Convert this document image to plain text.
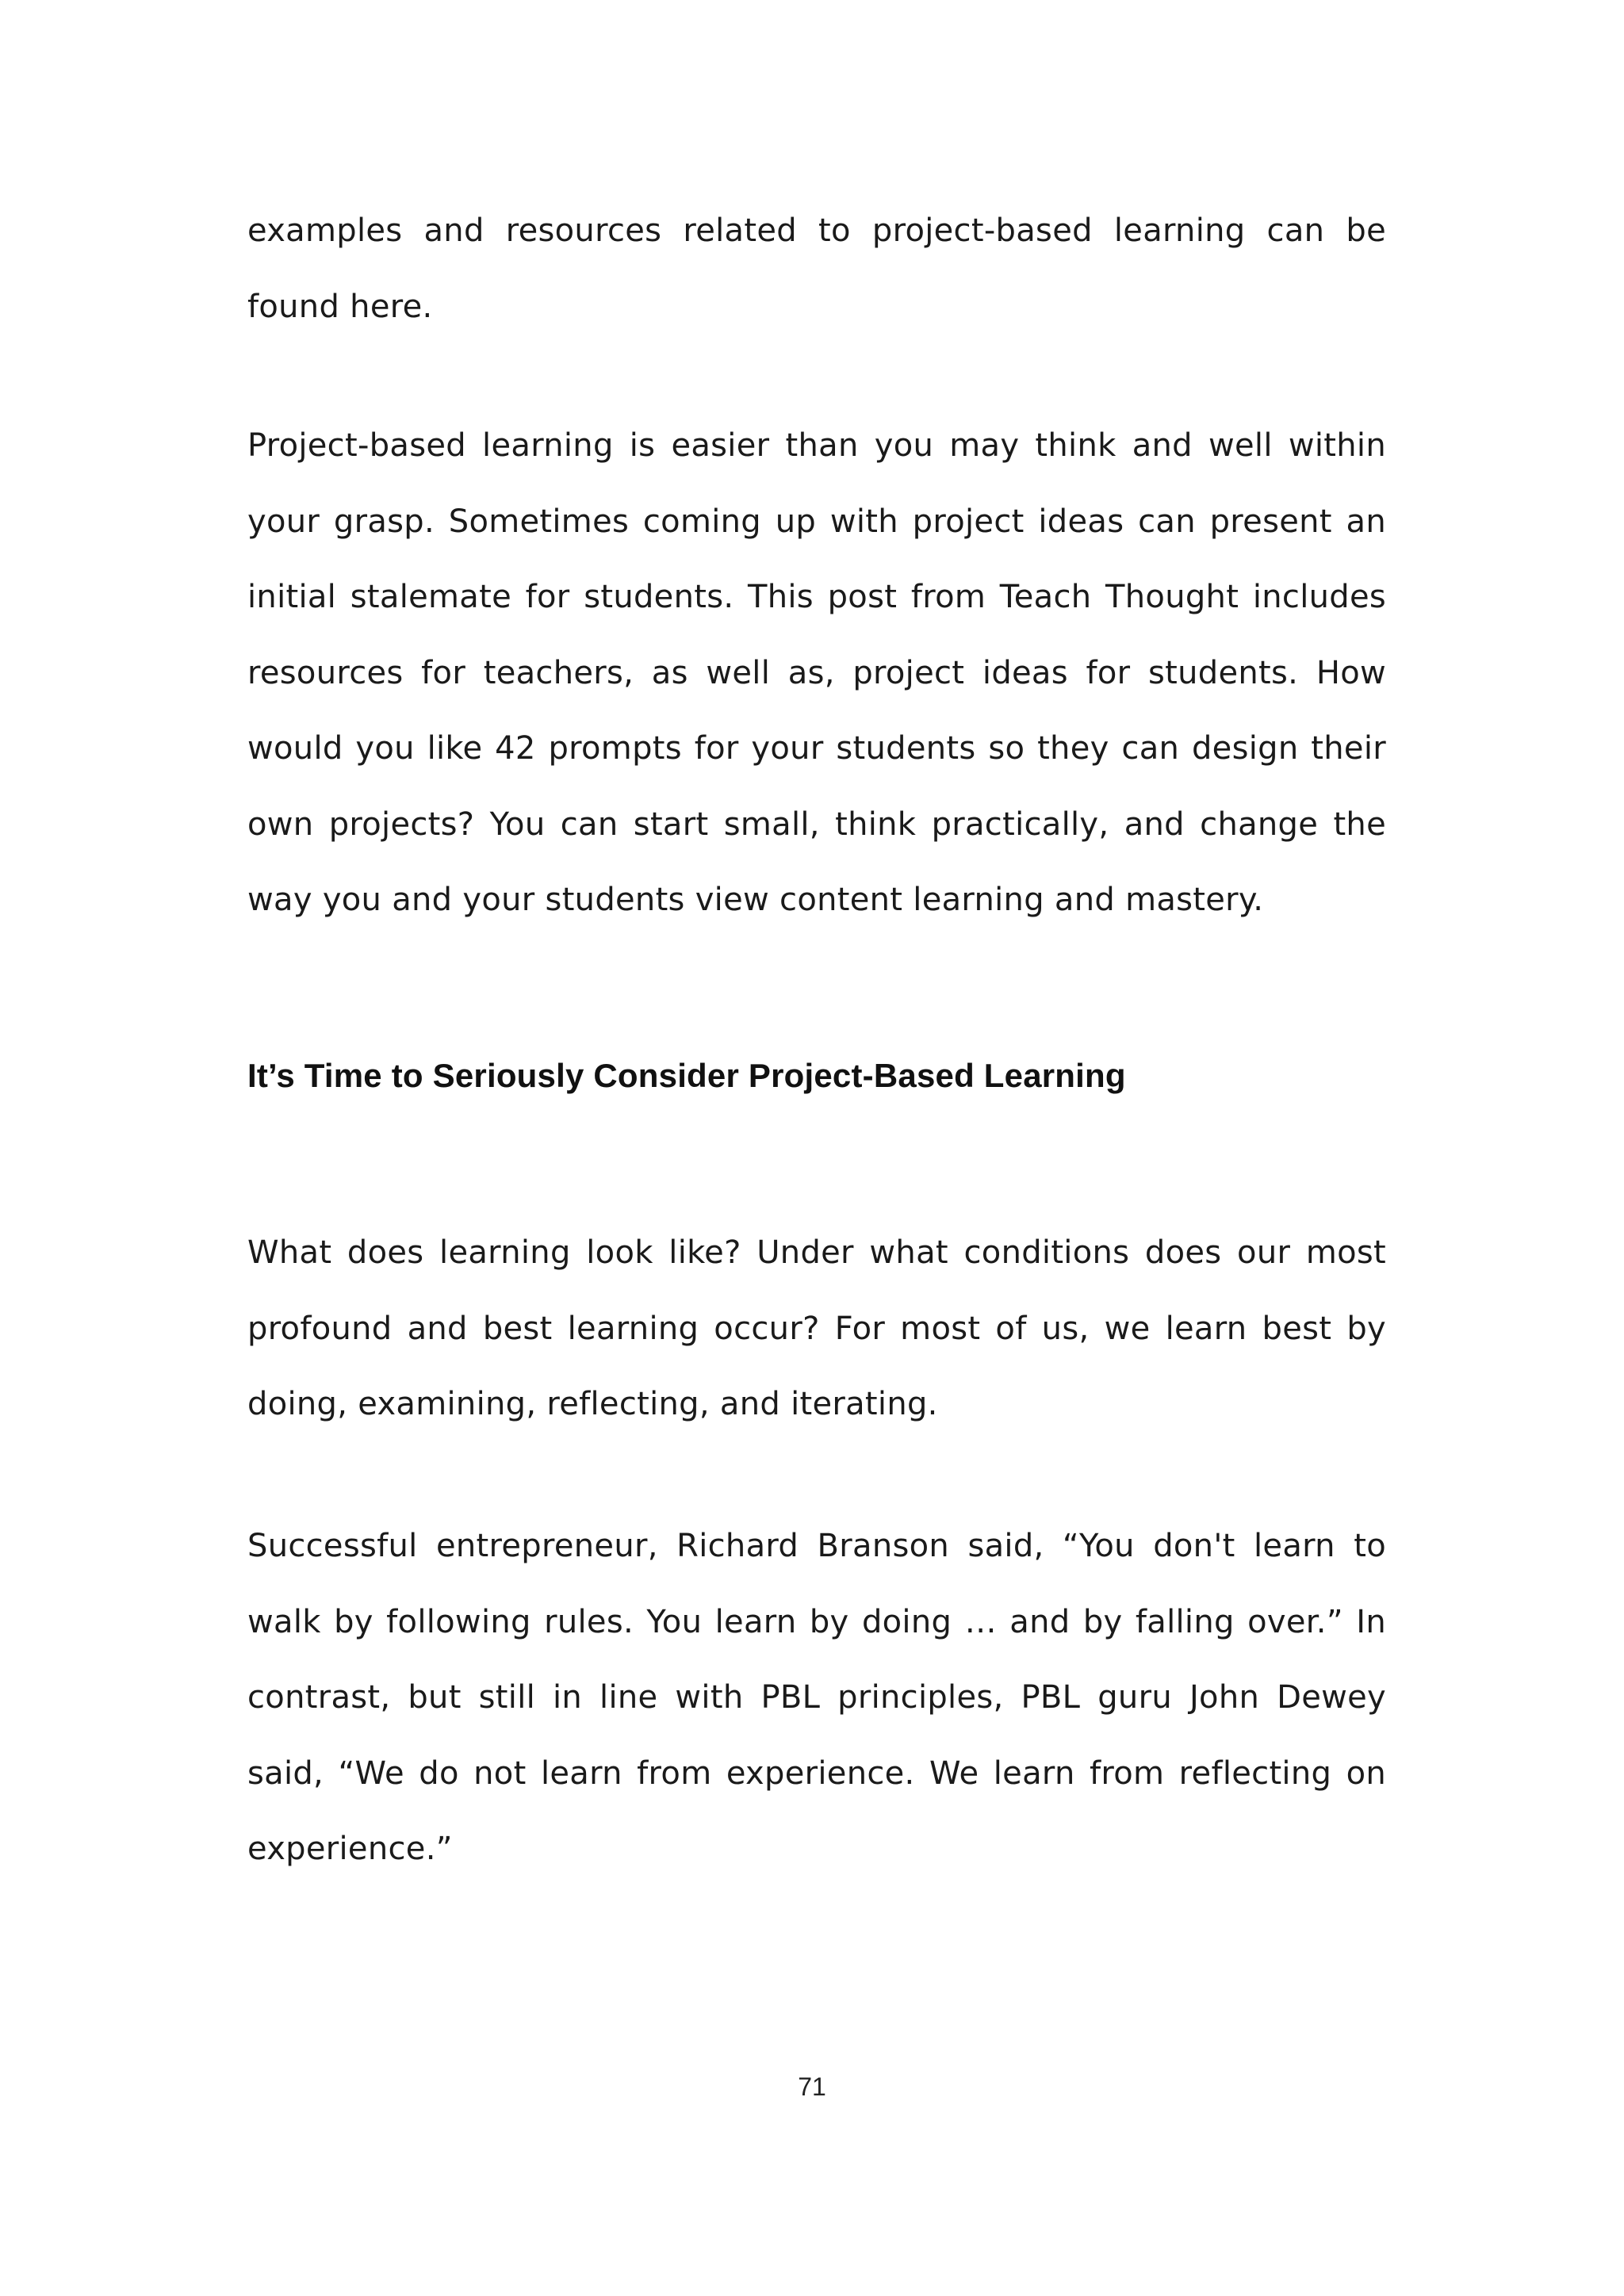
examples and resources related to project-based learning can be found here.

Project-based learning is easier than you may think and well within your grasp. Sometimes coming up with project ideas can present an initial stalemate for students. This post from Teach Thought includes resources for teachers, as well as, project ideas for students. How would you like 42 prompts for your students so they can design their own projects? You can start small, think practically, and change the way you and your students view content learning and mastery.

It’s Time to Seriously Consider Project-Based Learning

What does learning look like? Under what conditions does our most profound and best learning occur? For most of us, we learn best by doing, examining, reflecting, and iterating.

Successful entrepreneur, Richard Branson said, “You don't learn to walk by following rules. You learn by doing … and by falling over.” In contrast, but still in line with PBL principles, PBL guru John Dewey said, “We do not learn from experience. We learn from reflecting on experience.”

71
